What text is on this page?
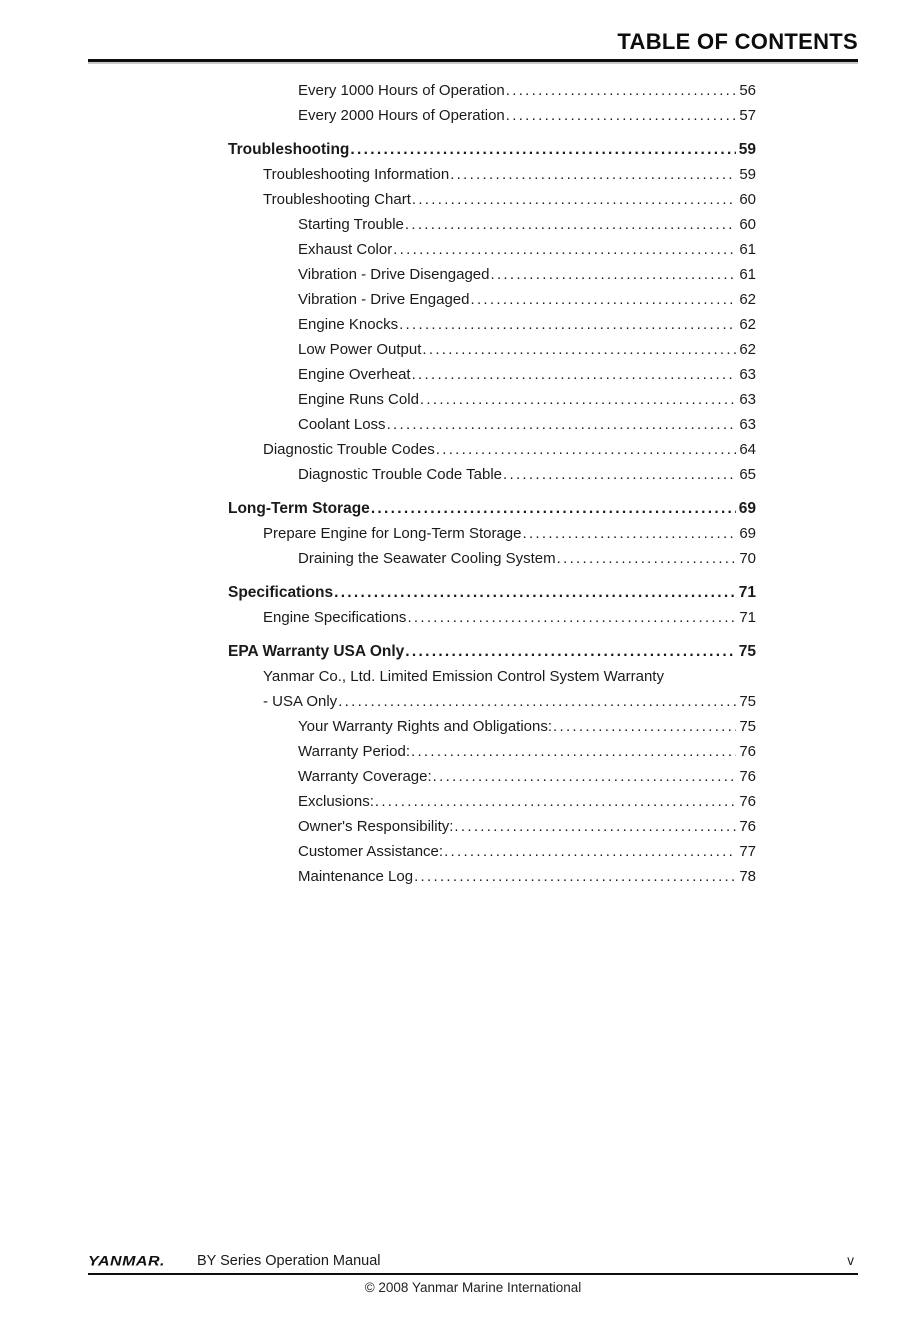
TABLE OF CONTENTS
Every 1000 Hours of Operation .....	56
Every 2000 Hours of Operation .....	57
Troubleshooting .....	59
Troubleshooting Information .....	59
Troubleshooting Chart .....	60
Starting Trouble .....	60
Exhaust Color .....	61
Vibration - Drive Disengaged .....	61
Vibration - Drive Engaged .....	62
Engine Knocks .....	62
Low Power Output .....	62
Engine Overheat .....	63
Engine Runs Cold .....	63
Coolant Loss .....	63
Diagnostic Trouble Codes .....	64
Diagnostic Trouble Code Table .....	65
Long-Term Storage .....	69
Prepare Engine for Long-Term Storage .....	69
Draining the Seawater Cooling System .....	70
Specifications .....	71
Engine Specifications .....	71
EPA Warranty USA Only .....	75
Yanmar Co., Ltd. Limited Emission Control System Warranty
- USA Only .....	75
Your Warranty Rights and Obligations: .....	75
Warranty Period: .....	76
Warranty Coverage: .....	76
Exclusions: .....	76
Owner's Responsibility: .....	76
Customer Assistance: .....	77
Maintenance Log .....	78
YANMAR. BY Series Operation Manual	v
© 2008 Yanmar Marine International
